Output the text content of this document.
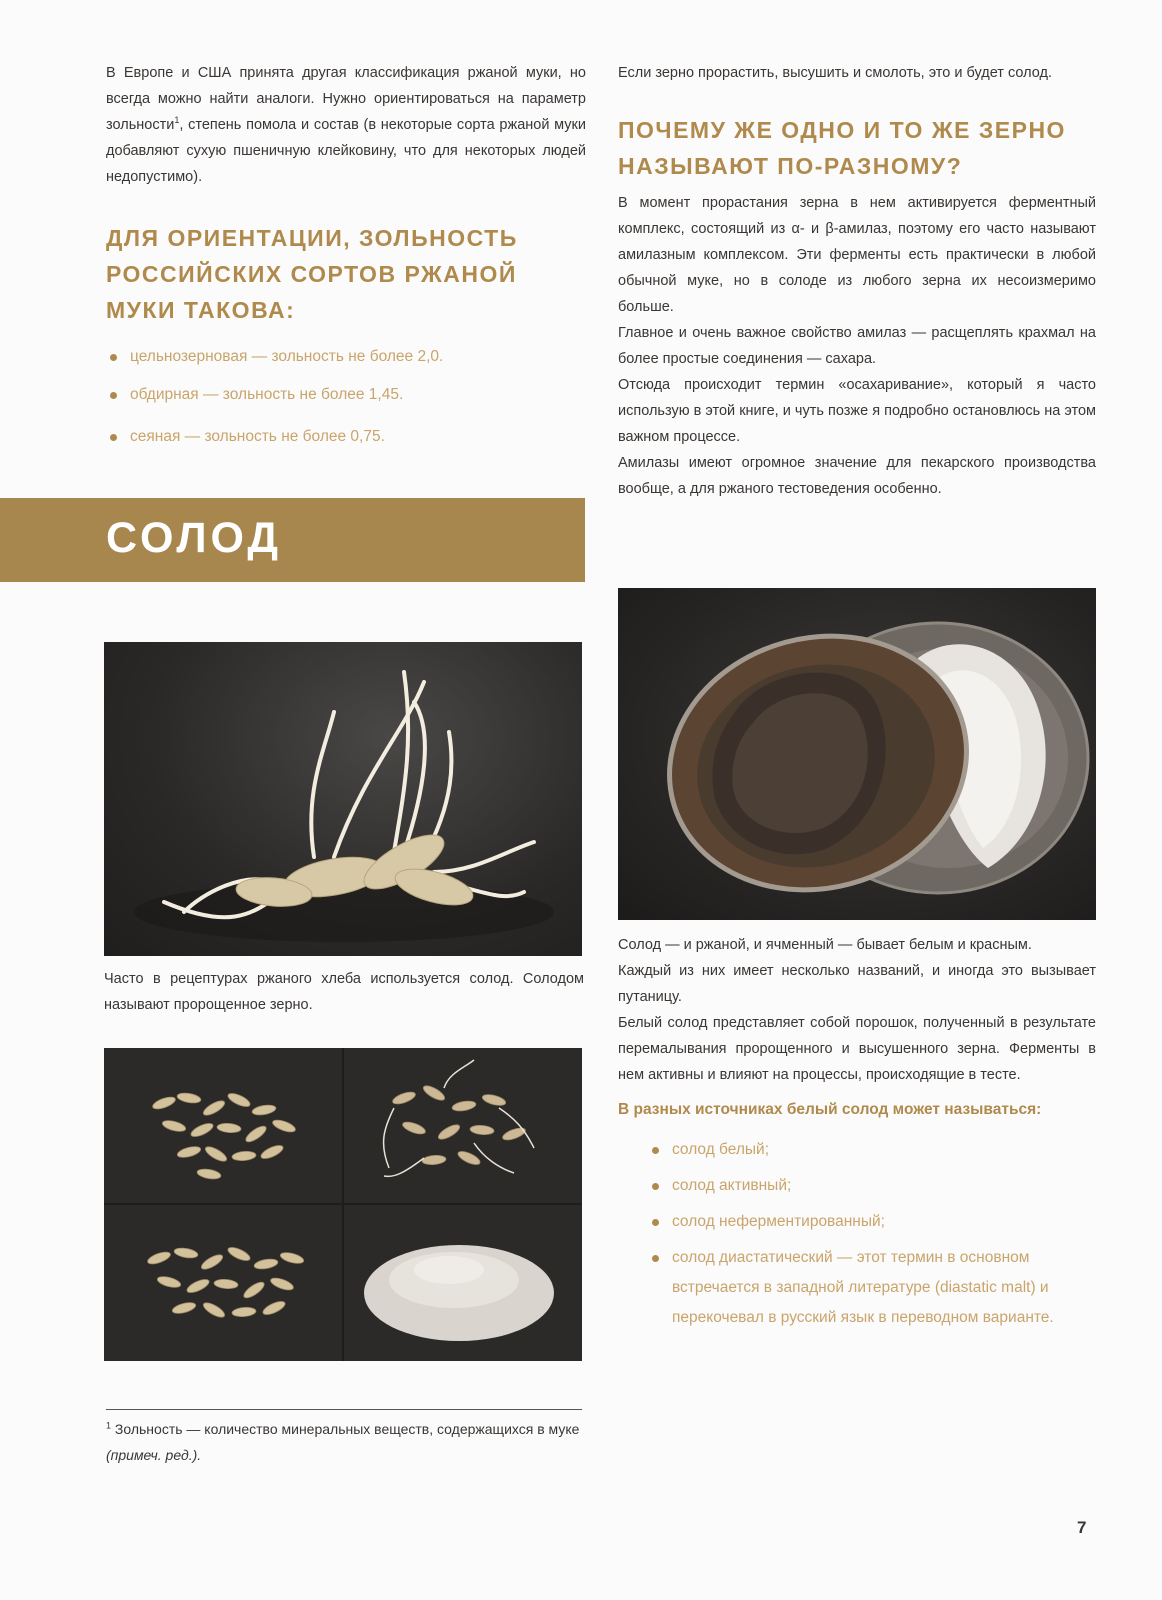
В Европе и США принята другая классификация ржаной муки, но всегда можно найти аналоги. Нужно ориентироваться на параметр зольности$^1$, степень помола и состав (в некоторые сорта ржаной муки добавляют сухую пшеничную клейковину, что для некоторых людей недопустимо).

ДЛЯ ОРИЕНТАЦИИ, ЗОЛЬНОСТЬ РОССИЙСКИХ СОРТОВ РЖАНОЙ МУКИ ТАКОВА:
цельнозерновая — зольность не более 2,0.
обдирная — зольность не более 1,45.
сеяная — зольность не более 0,75.
СОЛОД

Часто в рецептурах ржаного хлеба используется солод. Солодом называют пророщенное зерно.

$^1$ Зольность — количество минеральных веществ, содержащихся в муке (примеч. ред.).

Если зерно прорастить, высушить и смолоть, это и будет солод.

ПОЧЕМУ ЖЕ ОДНО И ТО ЖЕ ЗЕРНО НАЗЫВАЮТ ПО-РАЗНОМУ?

В момент прорастания зерна в нем активируется ферментный комплекс, состоящий из α- и β-амилаз, поэтому его часто называют амилазным комплексом. Эти ферменты есть практически в любой обычной муке, но в солоде из любого зерна их несоизмеримо больше.

Главное и очень важное свойство амилаз — расщеплять крахмал на более простые соединения — сахара.

Отсюда происходит термин «осахаривание», который я часто использую в этой книге, и чуть позже я подробно остановлюсь на этом важном процессе.

Амилазы имеют огромное значение для пекарского производства вообще, а для ржаного тестоведения особенно.

Солод — и ржаной, и ячменный — бывает белым и красным.

Каждый из них имеет несколько названий, и иногда это вызывает путаницу.

Белый солод представляет собой порошок, полученный в результате перемалывания пророщенного и высушенного зерна. Ферменты в нем активны и влияют на процессы, происходящие в тесте.

В разных источниках белый солод может называться:

солод белый;
солод активный;
солод неферментированный;
солод диастатический — этот термин в основном встречается в западной литературе (diastatic malt) и перекочевал в русский язык в переводном варианте.
7
